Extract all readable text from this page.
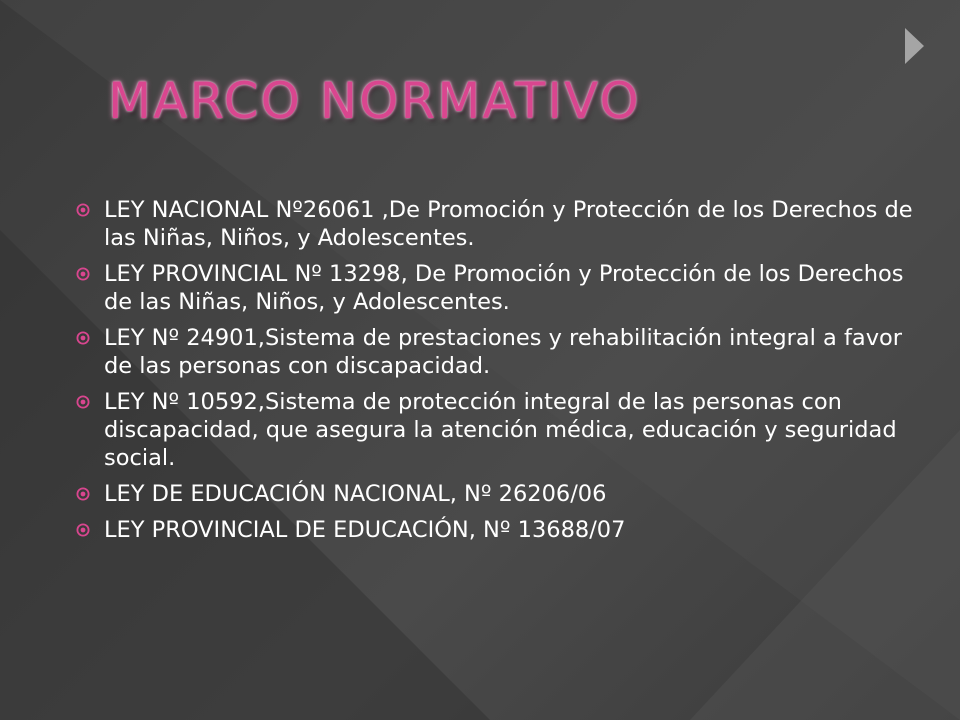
MARCO NORMATIVO
LEY NACIONAL Nº26061 ,De Promoción y Protección de los Derechos de las Niñas, Niños, y Adolescentes.
LEY PROVINCIAL Nº 13298, De Promoción y Protección de los Derechos de las Niñas, Niños, y Adolescentes.
LEY Nº 24901,Sistema de prestaciones y rehabilitación integral a favor de las personas con discapacidad.
LEY Nº 10592,Sistema de protección integral de las personas con discapacidad, que asegura la atención médica, educación y seguridad social.
LEY DE EDUCACIÓN NACIONAL, Nº 26206/06
LEY PROVINCIAL DE EDUCACIÓN, Nº 13688/07
